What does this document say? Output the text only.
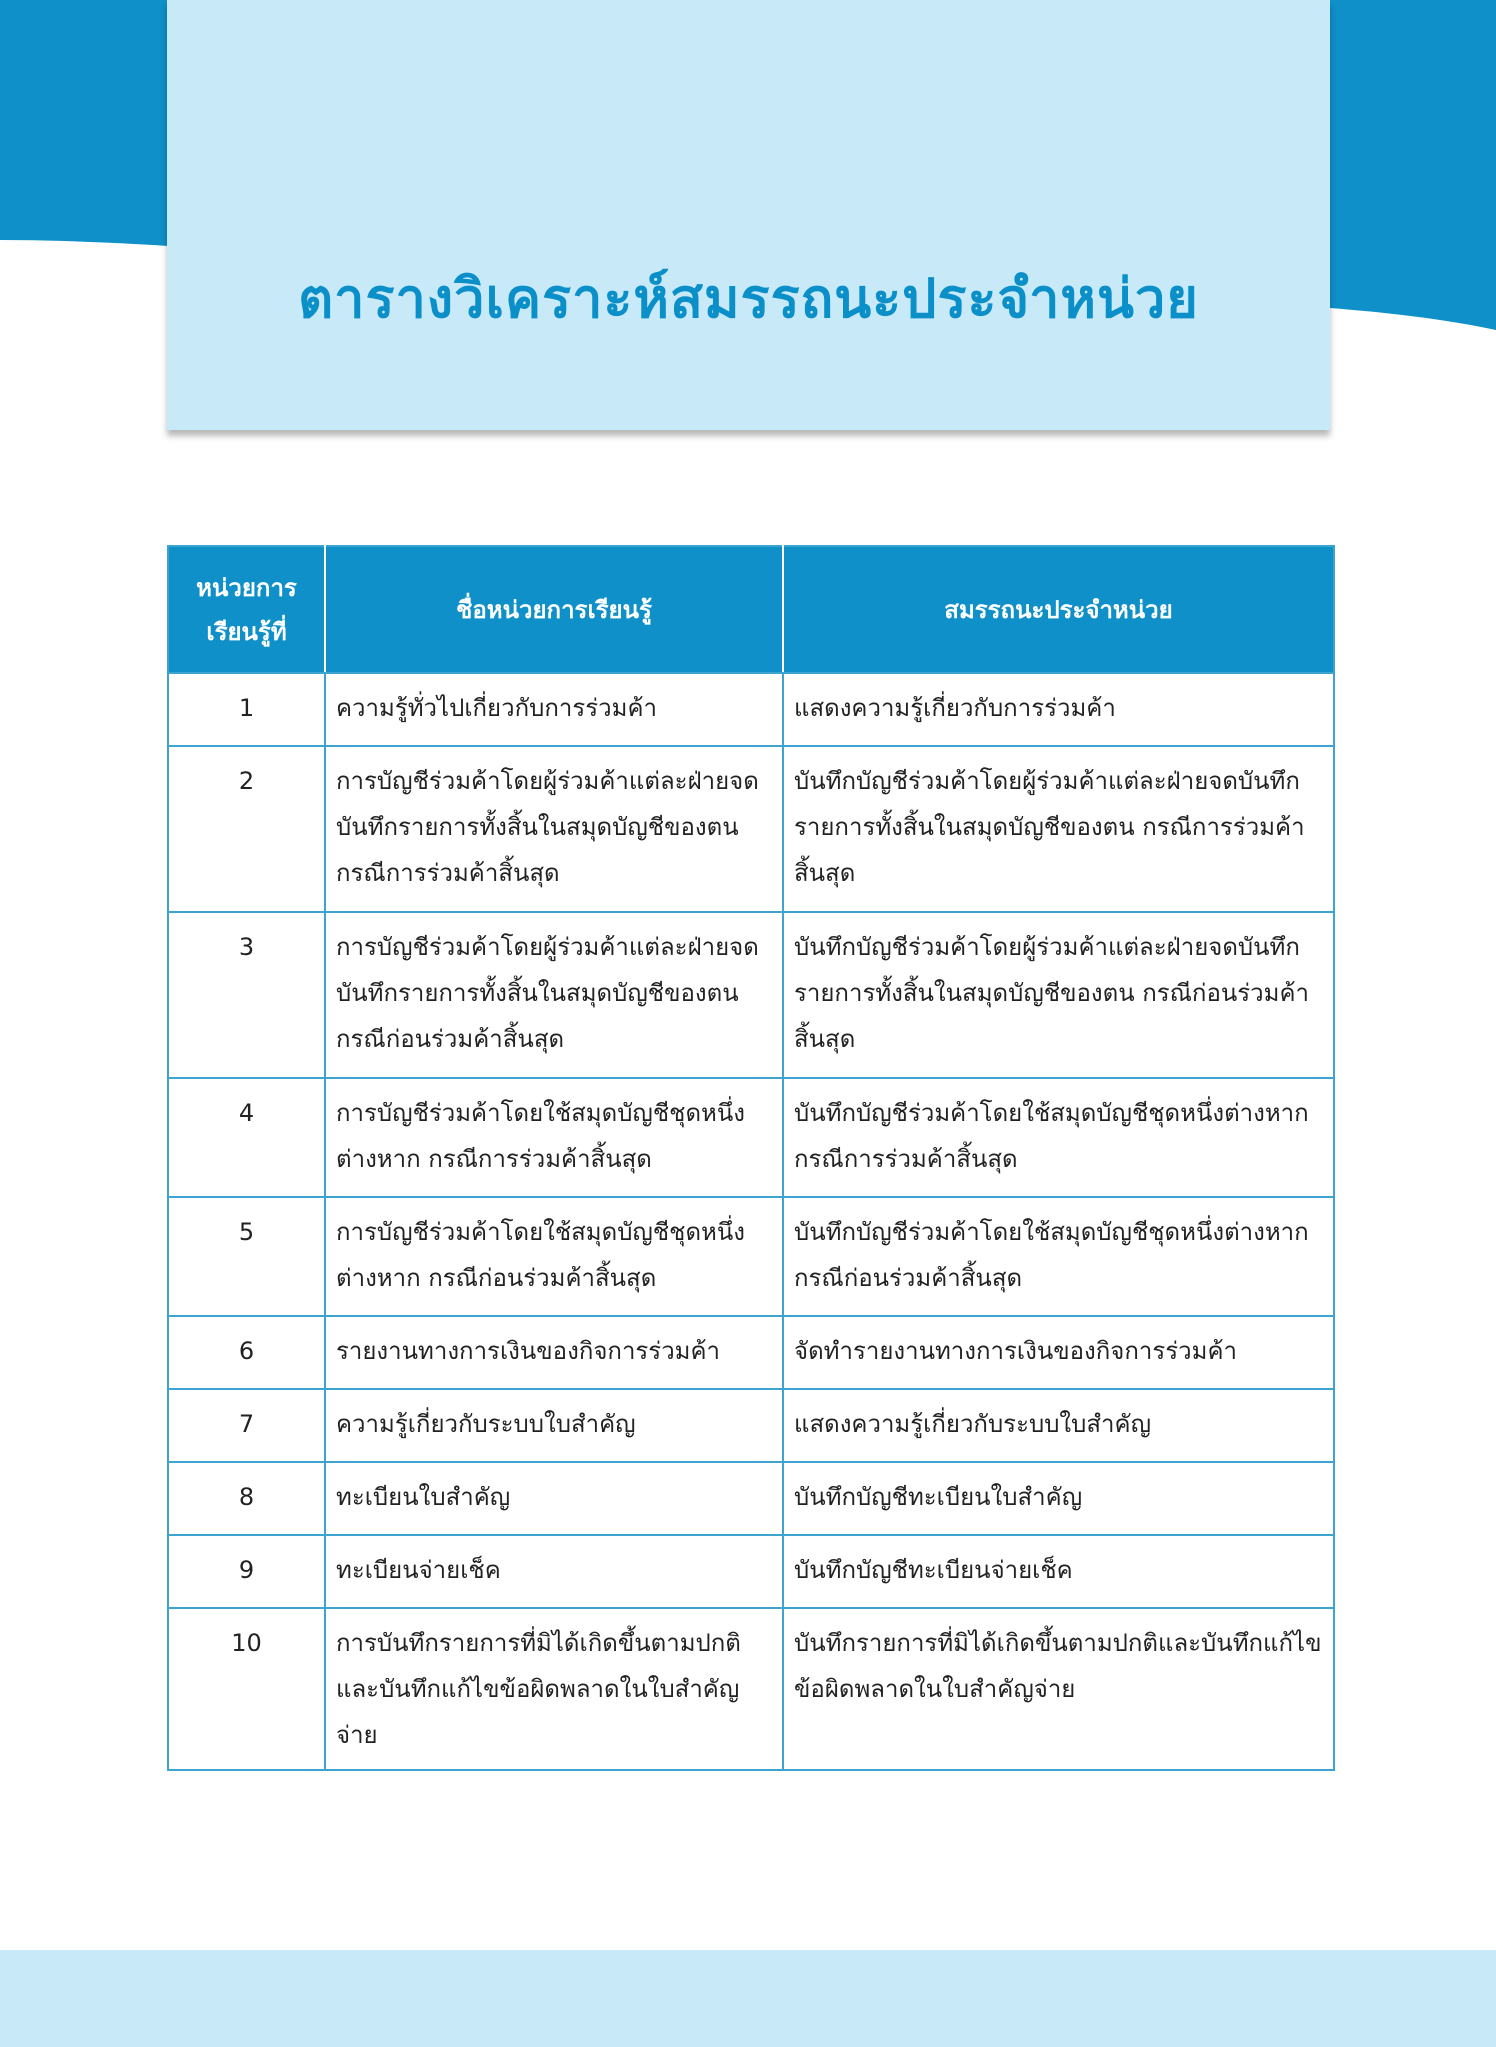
ตารางวิเคราะห์สมรรถนะประจำหน่วย
หน่วยการ เรียนรู้ที่	ชื่อหน่วยการเรียนรู้	สมรรถนะประจำหน่วย
1	ความรู้ทั่วไปเกี่ยวกับการร่วมค้า	แสดงความรู้เกี่ยวกับการร่วมค้า
2	การบัญชีร่วมค้าโดยผู้ร่วมค้าแต่ละฝ่ายจดบันทึกรายการทั้งสิ้นในสมุดบัญชีของตน กรณีการร่วมค้าสิ้นสุด	บันทึกบัญชีร่วมค้าโดยผู้ร่วมค้าแต่ละฝ่ายจดบันทึกรายการทั้งสิ้นในสมุดบัญชีของตน กรณีการร่วมค้าสิ้นสุด
3	การบัญชีร่วมค้าโดยผู้ร่วมค้าแต่ละฝ่ายจดบันทึกรายการทั้งสิ้นในสมุดบัญชีของตน กรณีก่อนร่วมค้าสิ้นสุด	บันทึกบัญชีร่วมค้าโดยผู้ร่วมค้าแต่ละฝ่ายจดบันทึกรายการทั้งสิ้นในสมุดบัญชีของตน กรณีก่อนร่วมค้าสิ้นสุด
4	การบัญชีร่วมค้าโดยใช้สมุดบัญชีชุดหนึ่งต่างหาก กรณีการร่วมค้าสิ้นสุด	บันทึกบัญชีร่วมค้าโดยใช้สมุดบัญชีชุดหนึ่งต่างหาก กรณีการร่วมค้าสิ้นสุด
5	การบัญชีร่วมค้าโดยใช้สมุดบัญชีชุดหนึ่งต่างหาก กรณีก่อนร่วมค้าสิ้นสุด	บันทึกบัญชีร่วมค้าโดยใช้สมุดบัญชีชุดหนึ่งต่างหาก กรณีก่อนร่วมค้าสิ้นสุด
6	รายงานทางการเงินของกิจการร่วมค้า	จัดทำรายงานทางการเงินของกิจการร่วมค้า
7	ความรู้เกี่ยวกับระบบใบสำคัญ	แสดงความรู้เกี่ยวกับระบบใบสำคัญ
8	ทะเบียนใบสำคัญ	บันทึกบัญชีทะเบียนใบสำคัญ
9	ทะเบียนจ่ายเช็ค	บันทึกบัญชีทะเบียนจ่ายเช็ค
10	การบันทึกรายการที่มิได้เกิดขึ้นตามปกติและบันทึกแก้ไขข้อผิดพลาดในใบสำคัญจ่าย	บันทึกรายการที่มิได้เกิดขึ้นตามปกติและบันทึกแก้ไขข้อผิดพลาดในใบสำคัญจ่าย
